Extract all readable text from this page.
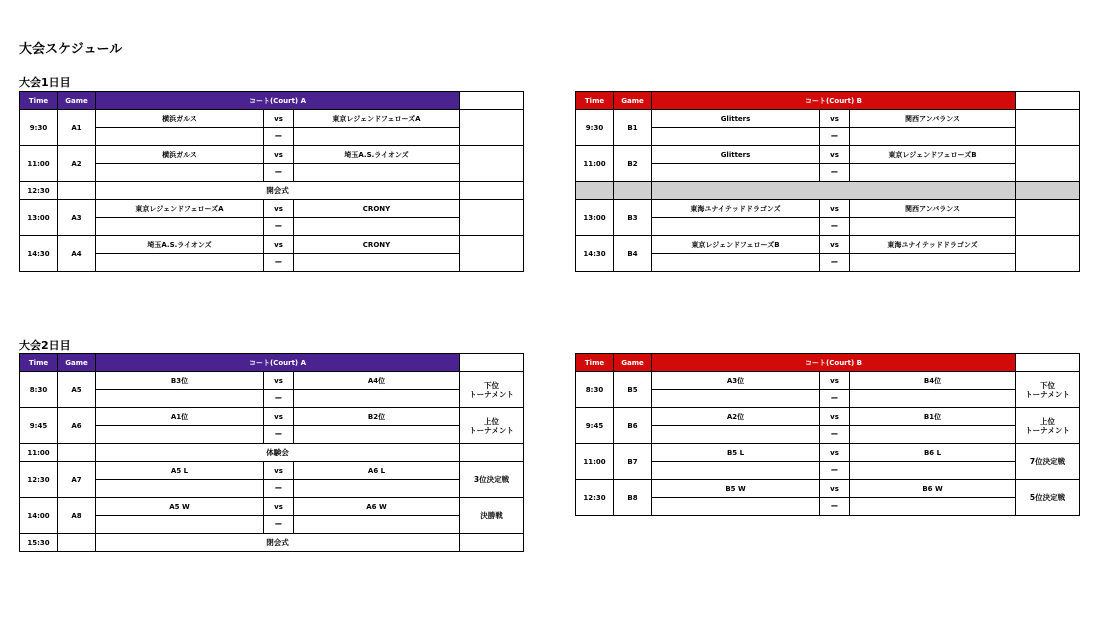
大会スケジュール
大会1日目
大会2日目
Time	Game	コート(Court) A			
9:30	A1	横浜ガルス	vs	東京レジェンドフェローズA	
			−		
11:00	A2	横浜ガルス	vs	埼玉A.S.ライオンズ	
			−		
12:30		開会式			

13:00	A3	東京レジェンドフェローズA	vs	CRONY	
			−		
14:30	A4	埼玉A.S.ライオンズ	vs	CRONY	
			−		
Time	Game	コート(Court) B			
9:30	B1	Glitters	vs	関西アンバランス	
			−		
11:00	B2	Glitters	vs	東京レジェンドフェローズB	
			−		

13:00	B3	東海ユナイテッドドラゴンズ	vs	関西アンバランス	
			−		
14:30	B4	東京レジェンドフェローズB	vs	東海ユナイテッドドラゴンズ	
			−		
Time	Game	コート(Court) A			
8:30	A5	B3位	vs	A4位	下位
トーナメント

			−		
9:45	A6	A1位	vs	B2位	上位
トーナメント

			−		
11:00		体験会			

12:30	A7	A5 L	vs	A6 L	3位決定戦

			−		
14:00	A8	A5 W	vs	A6 W	決勝戦

			−		
15:30		閉会式			

Time	Game	コート(Court) B			
8:30	B5	A3位	vs	B4位	下位
トーナメント

			−		
9:45	B6	A2位	vs	B1位	上位
トーナメント

			−		
11:00	B7	B5 L	vs	B6 L	7位決定戦

			−		
12:30	B8	B5 W	vs	B6 W	5位決定戦

			−		
